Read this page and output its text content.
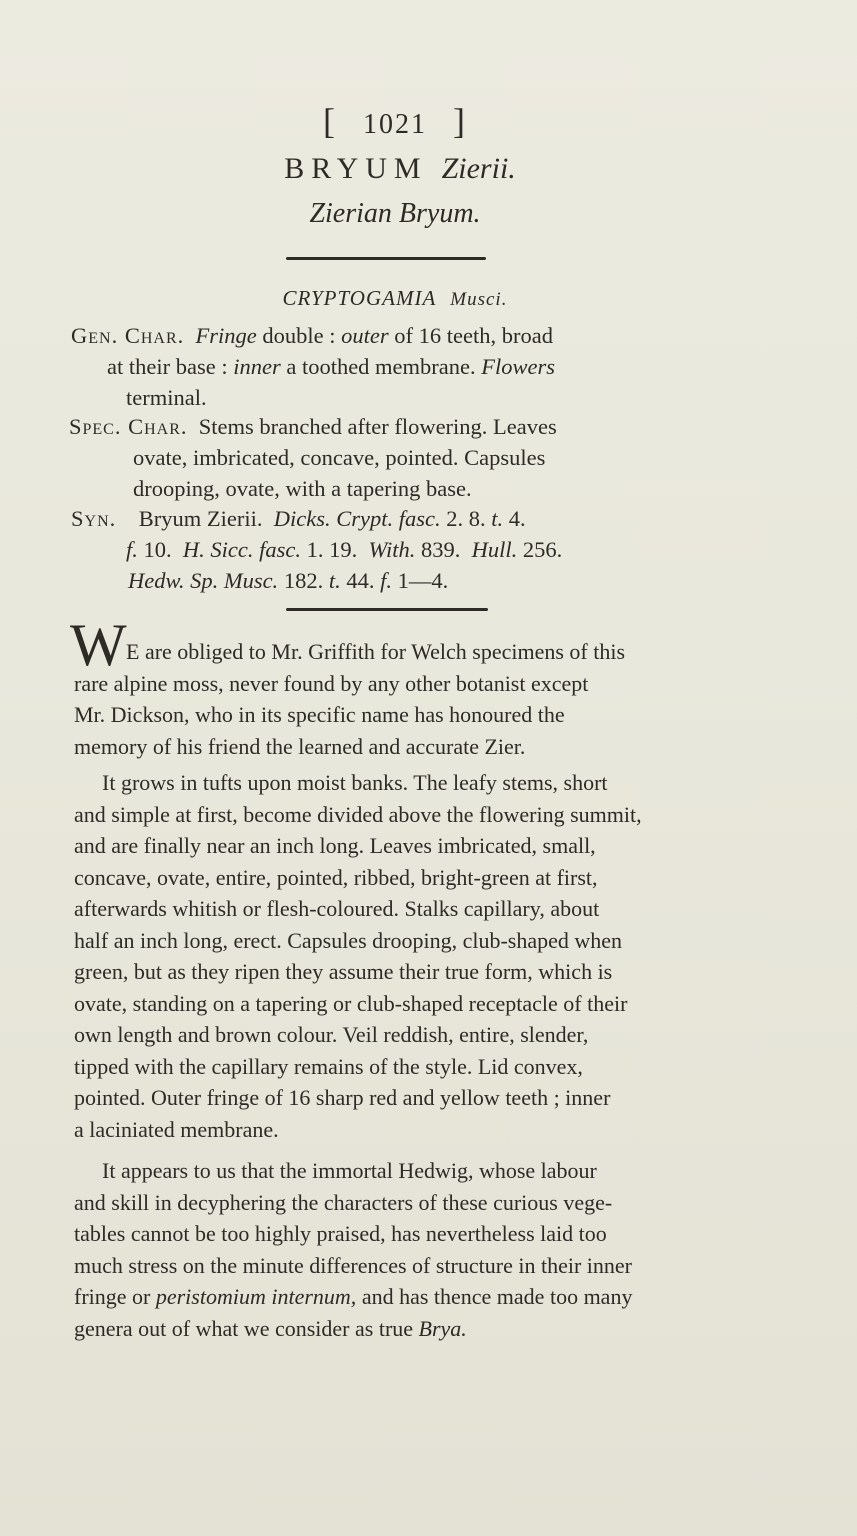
[ 1021 ]
BRYUM Zierii.
Zierian Bryum.
CRYPTOGAMIA Musci.
Gen. Char. Fringe double : outer of 16 teeth, broad
at their base : inner a toothed membrane. Flowers
terminal.
Spec. Char. Stems branched after flowering. Leaves
ovate, imbricated, concave, pointed. Capsules
drooping, ovate, with a tapering base.
Syn. Bryum Zierii. Dicks. Crypt. fasc. 2. 8. t. 4.
f. 10. H. Sicc. fasc. 1. 19. With. 839. Hull. 256.
Hedw. Sp. Musc. 182. t. 44. f. 1—4.
W E are obliged to Mr. Griffith for Welch specimens of this
rare alpine moss, never found by any other botanist except
Mr. Dickson, who in its specific name has honoured the
memory of his friend the learned and accurate Zier.
It grows in tufts upon moist banks. The leafy stems, short
and simple at first, become divided above the flowering summit,
and are finally near an inch long. Leaves imbricated, small,
concave, ovate, entire, pointed, ribbed, bright-green at first,
afterwards whitish or flesh-coloured. Stalks capillary, about
half an inch long, erect. Capsules drooping, club-shaped when
green, but as they ripen they assume their true form, which is
ovate, standing on a tapering or club-shaped receptacle of their
own length and brown colour. Veil reddish, entire, slender,
tipped with the capillary remains of the style. Lid convex,
pointed. Outer fringe of 16 sharp red and yellow teeth ; inner
a laciniated membrane.
It appears to us that the immortal Hedwig, whose labour
and skill in decyphering the characters of these curious vege-
tables cannot be too highly praised, has nevertheless laid too
much stress on the minute differences of structure in their inner
fringe or peristomium internum, and has thence made too many
genera out of what we consider as true Brya.
